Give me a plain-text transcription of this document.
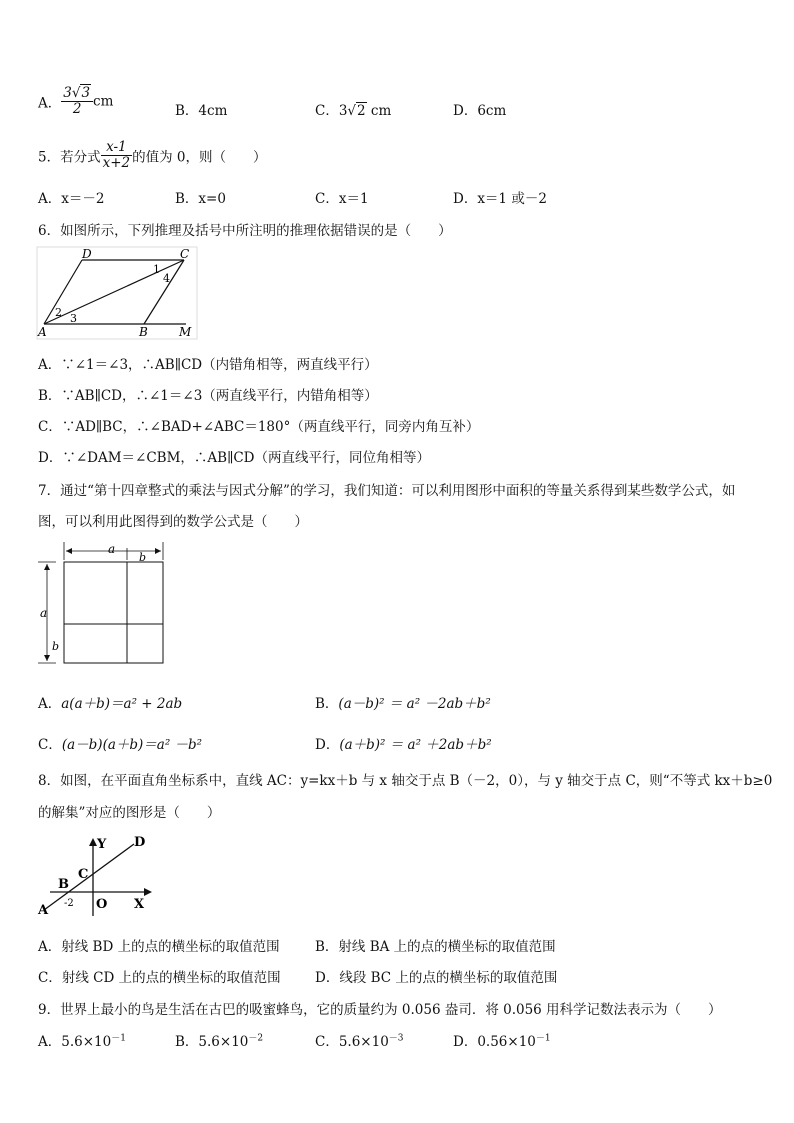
A． $\frac{3√3}{2}$ cm
B．4cm	C．3√2 cm	D．6cm
5．若分式 $\frac{x-1}{x+2}$ 的值为 0，则（　　）
A．x＝－2	B．x=0	C．x＝1	D．x＝1 或－2
6．如图所示，下列推理及括号中所注明的推理依据错误的是（　　）
D	C
A	B	M
1
4
2 3
A．∵∠1＝∠3，∴AB∥CD（内错角相等，两直线平行）
B．∵AB∥CD，∴∠1＝∠3（两直线平行，内错角相等）
C．∵AD∥BC，∴∠BAD+∠ABC＝180°（两直线平行，同旁内角互补）
D．∵∠DAM＝∠CBM，∴AB∥CD（两直线平行，同位角相等）
7．通过“第十四章整式的乘法与因式分解”的学习，我们知道：可以利用图形中面积的等量关系得到某些数学公式，如
图，可以利用此图得到的数学公式是（　　）
a
b
a
b
A．a(a＋b)＝a² + 2ab	B．(a－b)² ＝ a² －2ab＋b²
C．(a－b)(a＋b)＝a² －b²	D．(a＋b)² ＝ a² ＋2ab＋b²
8．如图，在平面直角坐标系中，直线 AC：y=kx＋b 与 x 轴交于点 B（－2，0），与 y 轴交于点 C，则“不等式 kx＋b≥0
的解集”对应的图形是（　　）
Y D
C
B
A -2 O X
A．射线 BD 上的点的横坐标的取值范围	B．射线 BA 上的点的横坐标的取值范围
C．射线 CD 上的点的横坐标的取值范围	D．线段 BC 上的点的横坐标的取值范围
9．世界上最小的鸟是生活在古巴的吸蜜蜂鸟，它的质量约为 0.056 盎司．将 0.056 用科学记数法表示为（　　）
A．$5.6\times 10^{-1}$	B．$5.6\times 10^{-2}$	C．$5.6\times 10^{-3}$	D．$0.56\times 10^{-1}$
